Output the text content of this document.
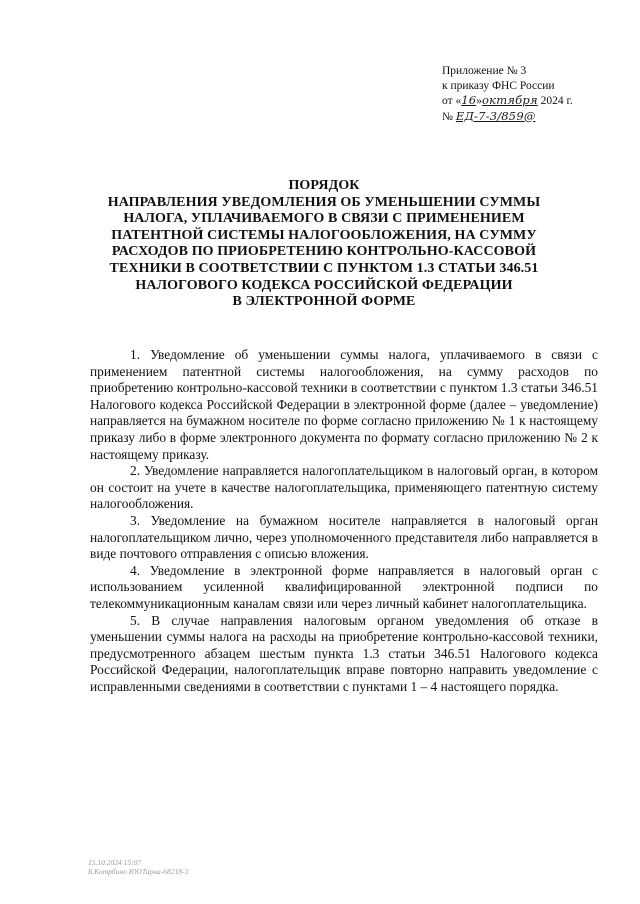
Приложение № 3
к приказу ФНС России
от «16»октября 2024 г.
№ ЕД-7-3/859@
ПОРЯДОК
НАПРАВЛЕНИЯ УВЕДОМЛЕНИЯ ОБ УМЕНЬШЕНИИ СУММЫ
НАЛОГА, УПЛАЧИВАЕМОГО В СВЯЗИ С ПРИМЕНЕНИЕМ
ПАТЕНТНОЙ СИСТЕМЫ НАЛОГООБЛОЖЕНИЯ, НА СУММУ
РАСХОДОВ ПО ПРИОБРЕТЕНИЮ КОНТРОЛЬНО-КАССОВОЙ
ТЕХНИКИ В СООТВЕТСТВИИ С ПУНКТОМ 1.3 СТАТЬИ 346.51
НАЛОГОВОГО КОДЕКСА РОССИЙСКОЙ ФЕДЕРАЦИИ
В ЭЛЕКТРОННОЙ ФОРМЕ

1. Уведомление об уменьшении суммы налога, уплачиваемого в связи с применением патентной системы налогообложения, на сумму расходов по приобретению контрольно-кассовой техники в соответствии с пунктом 1.3 статьи 346.51 Налогового кодекса Российской Федерации в электронной форме (далее – уведомление) направляется на бумажном носителе по форме согласно приложению № 1 к настоящему приказу либо в форме электронного документа по формату согласно приложению № 2 к настоящему приказу.

2. Уведомление направляется налогоплательщиком в налоговый орган, в котором он состоит на учете в качестве налогоплательщика, применяющего патентную систему налогообложения.

3. Уведомление на бумажном носителе направляется в налоговый орган налогоплательщиком лично, через уполномоченного представителя либо направляется в виде почтового отправления с описью вложения.

4. Уведомление в электронной форме направляется в налоговый орган с использованием усиленной квалифицированной электронной подписи по телекоммуникационным каналам связи или через личный кабинет налогоплательщика.

5. В случае направления налоговым органом уведомления об отказе в уменьшении суммы налога на расходы на приобретение контрольно-кассовой техники, предусмотренного абзацем шестым пункта 1.3 статьи 346.51 Налогового кодекса Российской Федерации, налогоплательщик вправе повторно направить уведомление с исправленными сведениями в соответствии с пунктами 1 – 4 настоящего порядка.

15.10.2024 15:07
Б.Котрбино ЮОТарна-68218-3
